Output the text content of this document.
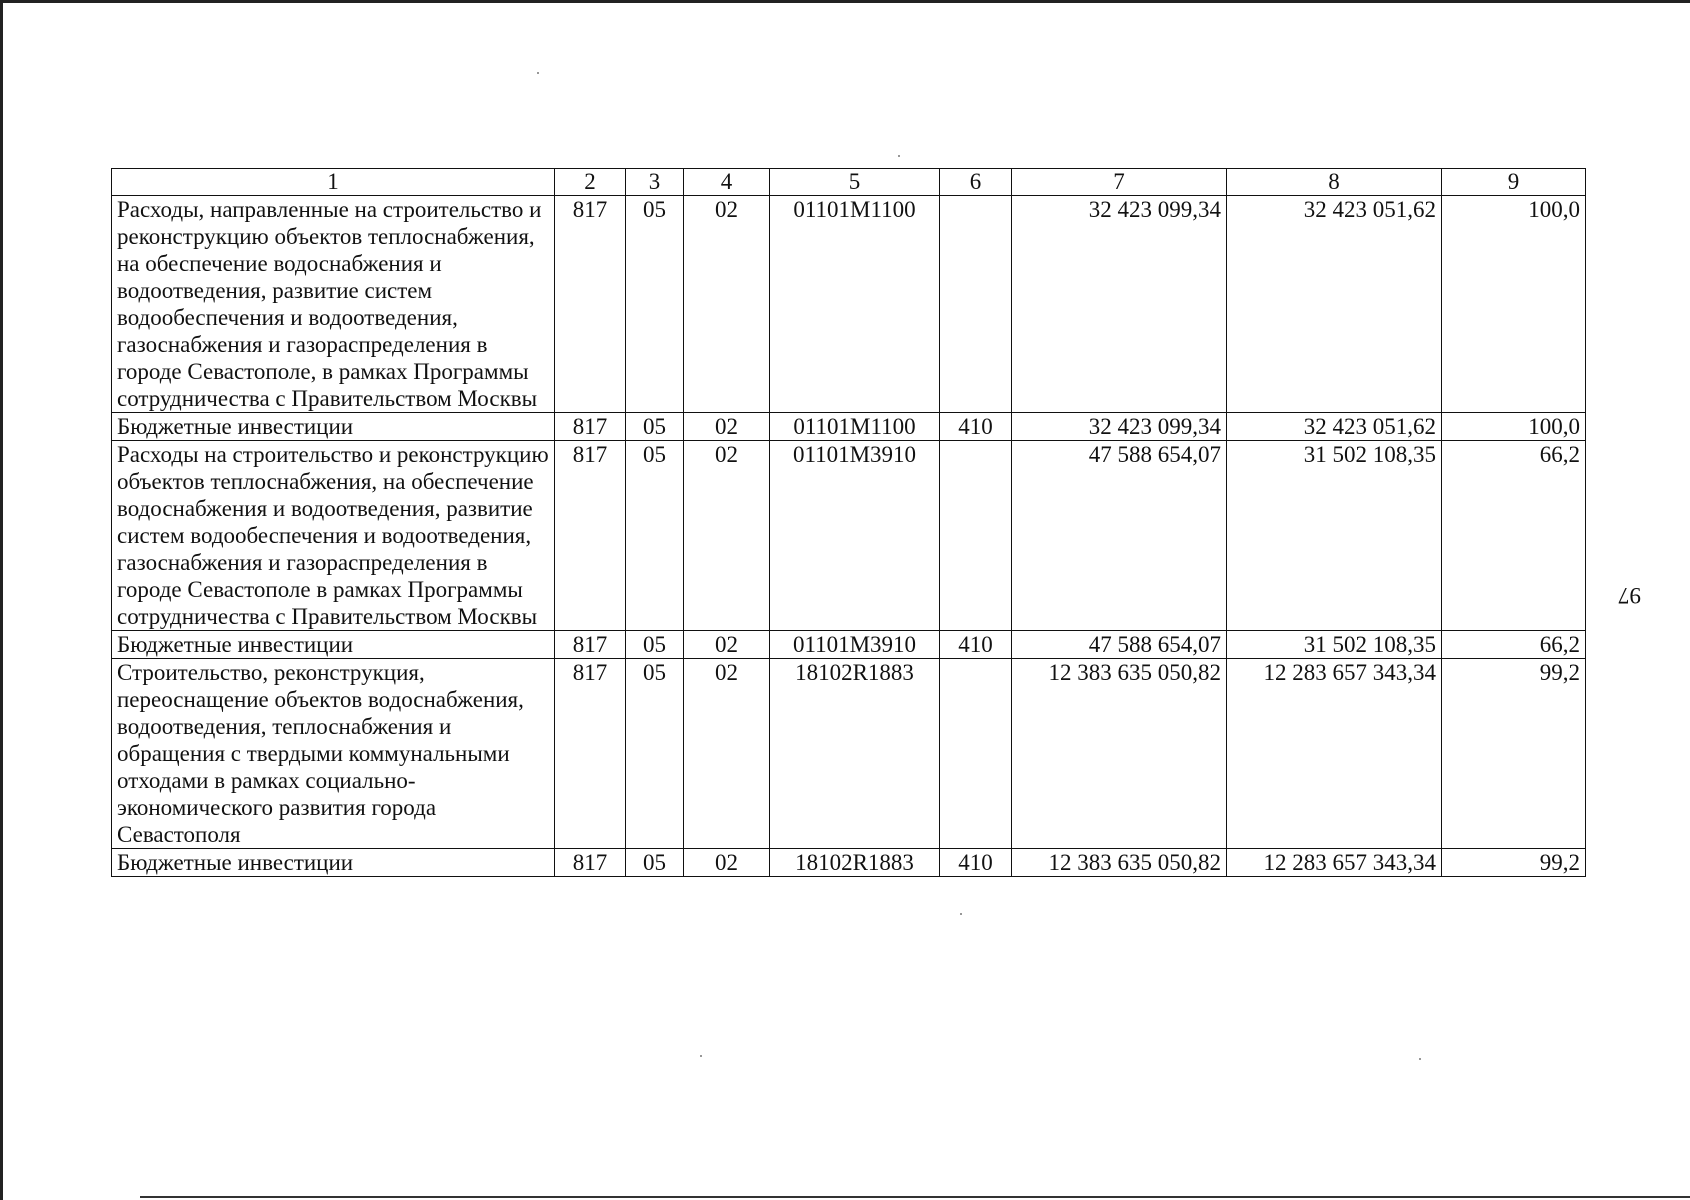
97
1	2	3	4	5	6	7	8	9
Расходы, направленные на строительство и реконструкцию объектов теплоснабжения, на обеспечение водоснабжения и водоотведения, развитие систем водообеспечения и водоотведения, газоснабжения и газораспределения в городе Севастополе, в рамках Программы сотрудничества с Правительством Москвы	817	05	02	01101М1100		32 423 099,34	32 423 051,62	100,0
Бюджетные инвестиции	817	05	02	01101М1100	410	32 423 099,34	32 423 051,62	100,0
Расходы на строительство и реконструкцию объектов теплоснабжения, на обеспечение водоснабжения и водоотведения, развитие систем водообеспечения и водоотведения, газоснабжения и газораспределения в городе Севастополе в рамках Программы сотрудничества с Правительством Москвы	817	05	02	01101М3910		47 588 654,07	31 502 108,35	66,2
Бюджетные инвестиции	817	05	02	01101М3910	410	47 588 654,07	31 502 108,35	66,2
Строительство, реконструкция, переоснащение объектов водоснабжения, водоотведения, теплоснабжения и обращения с твердыми коммунальными отходами в рамках социально-экономического развития города Севастополя	817	05	02	18102R1883		12 383 635 050,82	12 283 657 343,34	99,2
Бюджетные инвестиции	817	05	02	18102R1883	410	12 383 635 050,82	12 283 657 343,34	99,2
